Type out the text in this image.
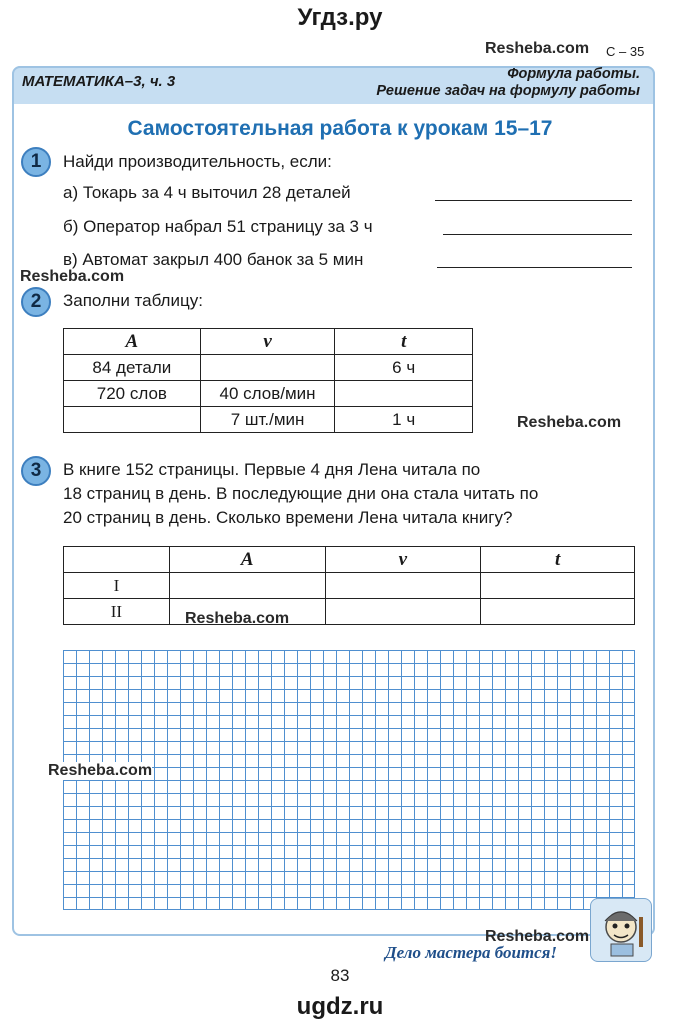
Угдз.ру
Resheba.com С – 35
МАТЕМАТИКА–3, ч. 3	Формула работы.
Решение задач на формулу работы
Самостоятельная работа к урокам 15–17
1	Найди производительность, если:
а) Токарь за 4 ч выточил 28 деталей
б) Оператор набрал 51 страницу за 3 ч
в) Автомат закрыл 400 банок за 5 мин
Resheba.com
2	Заполни таблицу:
A	v	t
84 детали		6 ч
720 слов	40 слов/мин	
	7 шт./мин	1 ч	Resheba.com
3	В книге 152 страницы. Первые 4 дня Лена читала по
18 страниц в день. В последующие дни она стала читать по
20 страниц в день. Сколько времени Лена читала книгу?
	A	v	t
I			
II				Resheba.com
Resheba.com
Resheba.com
Дело мастера боится!
83
ugdz.ru
